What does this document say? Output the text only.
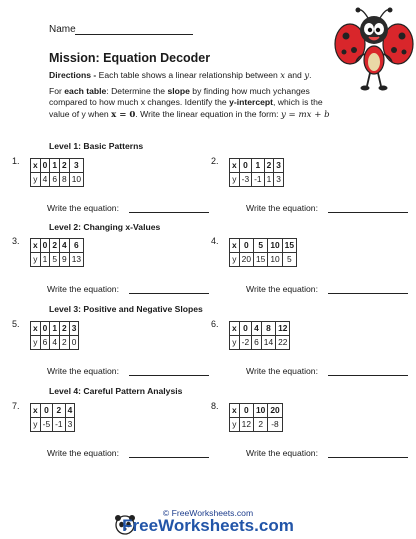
Name
Mission: Equation Decoder
Directions - Each table shows a linear relationship between x and y.
For each table: Determine the slope by finding how much ychanges compared to how much x changes. Identify the y-intercept, which is the value of y when x = 0. Write the linear equation in the form: y = mx + b
Level 1: Basic Patterns
Level 2: Changing x-Values
Level 3: Positive and Negative Slopes
Level 4: Careful Pattern Analysis
1. x	0	1	2	3
y	4	6	8	10
Write the equation:
2. x	0	1	2	3
y	-3	-1	1	3
Write the equation:
3. x	0	2	4	6
y	1	5	9	13
Write the equation:
4. x	0	5	10	15
y	20	15	10	5
Write the equation:
5. x	0	1	2	3
y	6	4	2	0
Write the equation:
6. x	0	4	8	12
y	-2	6	14	22
Write the equation:
7. x	0	2	4
y	-5	-1	3
Write the equation:
8. x	0	10	20
y	12	2	-8
Write the equation:
© FreeWorksheets.com
FreeWorksheets.com
